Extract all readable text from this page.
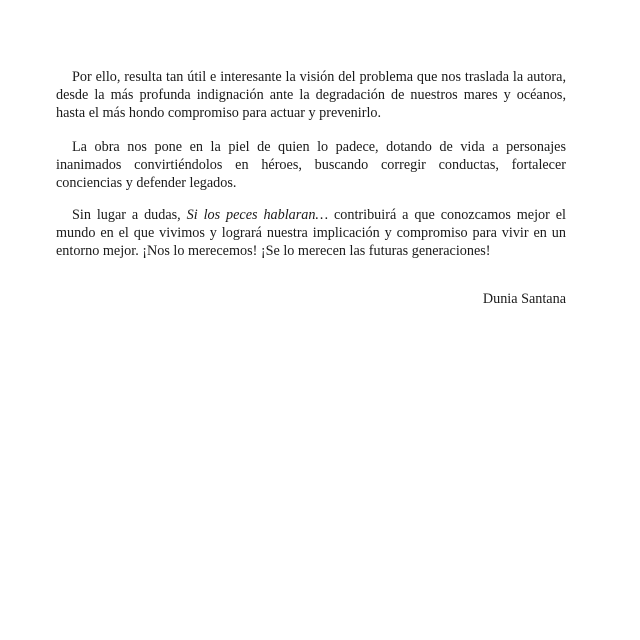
Por ello, resulta tan útil e interesante la visión del problema que nos traslada la autora, desde la más profunda indignación ante la degradación de nuestros mares y océanos, hasta el más hondo compromiso para actuar y prevenirlo.

La obra nos pone en la piel de quien lo padece, dotando de vida a personajes inanimados convirtiéndolos en héroes, buscando corregir conductas, fortalecer conciencias y defender legados.

Sin lugar a dudas, Si los peces hablaran… contribuirá a que conozcamos mejor el mundo en el que vivimos y logrará nuestra implicación y compromiso para vivir en un entorno mejor. ¡Nos lo merecemos! ¡Se lo merecen las futuras generaciones!

Dunia Santana
